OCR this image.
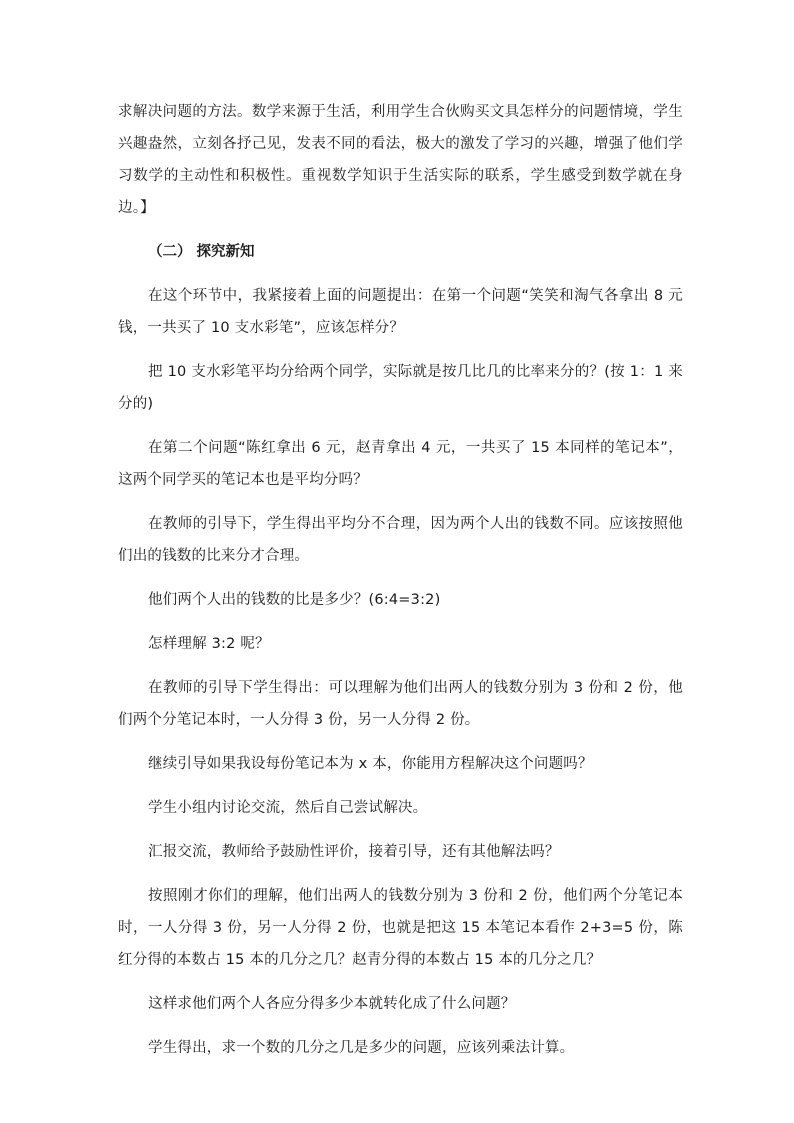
求解决问题的方法。数学来源于生活，利用学生合伙购买文具怎样分的问题情境，学生兴趣盎然，立刻各抒己见，发表不同的看法，极大的激发了学习的兴趣，增强了他们学习数学的主动性和积极性。重视数学知识于生活实际的联系，学生感受到数学就在身边。】

（二） 探究新知

在这个环节中，我紧接着上面的问题提出：在第一个问题“笑笑和淘气各拿出 8 元钱，一共买了 10 支水彩笔”，应该怎样分？

把 10 支水彩笔平均分给两个同学，实际就是按几比几的比率来分的？(按 1：1 来分的)

在第二个问题“陈红拿出 6 元，赵青拿出 4 元，一共买了 15 本同样的笔记本”，这两个同学买的笔记本也是平均分吗？

在教师的引导下，学生得出平均分不合理，因为两个人出的钱数不同。应该按照他们出的钱数的比来分才合理。

他们两个人出的钱数的比是多少？(6:4=3:2)

怎样理解 3:2 呢？

在教师的引导下学生得出：可以理解为他们出两人的钱数分别为 3 份和 2 份，他们两个分笔记本时，一人分得 3 份，另一人分得 2 份。

继续引导如果我设每份笔记本为 x 本，你能用方程解决这个问题吗？

学生小组内讨论交流，然后自己尝试解决。

汇报交流，教师给予鼓励性评价，接着引导，还有其他解法吗？

按照刚才你们的理解，他们出两人的钱数分别为 3 份和 2 份，他们两个分笔记本时，一人分得 3 份，另一人分得 2 份，也就是把这 15 本笔记本看作 2+3=5 份，陈红分得的本数占 15 本的几分之几？赵青分得的本数占 15 本的几分之几？

这样求他们两个人各应分得多少本就转化成了什么问题？

学生得出，求一个数的几分之几是多少的问题，应该列乘法计算。
